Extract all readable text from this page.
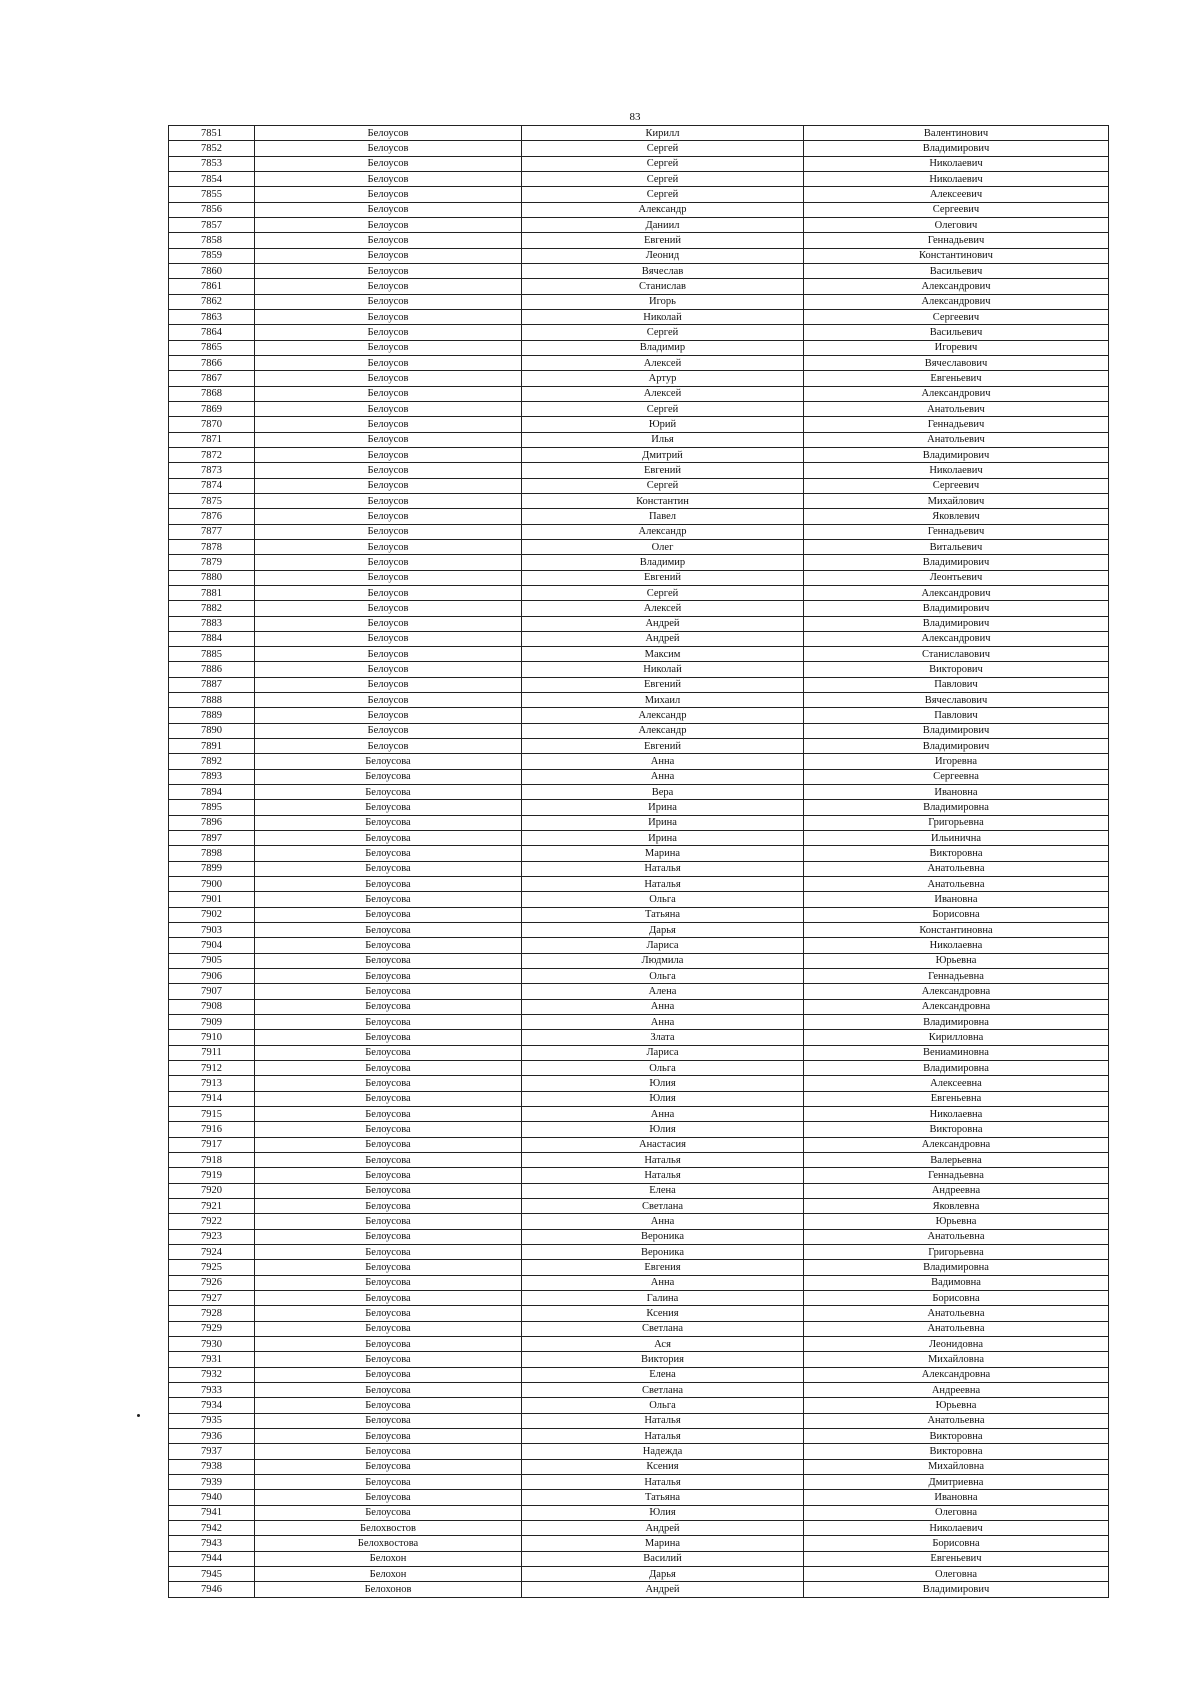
83
7851	Белоусов	Кирилл	Валентинович
7852	Белоусов	Сергей	Владимирович
7853	Белоусов	Сергей	Николаевич
7854	Белоусов	Сергей	Николаевич
7855	Белоусов	Сергей	Алексеевич
7856	Белоусов	Александр	Сергеевич
7857	Белоусов	Даниил	Олегович
7858	Белоусов	Евгений	Геннадьевич
7859	Белоусов	Леонид	Константинович
7860	Белоусов	Вячеслав	Васильевич
7861	Белоусов	Станислав	Александрович
7862	Белоусов	Игорь	Александрович
7863	Белоусов	Николай	Сергеевич
7864	Белоусов	Сергей	Васильевич
7865	Белоусов	Владимир	Игоревич
7866	Белоусов	Алексей	Вячеславович
7867	Белоусов	Артур	Евгеньевич
7868	Белоусов	Алексей	Александрович
7869	Белоусов	Сергей	Анатольевич
7870	Белоусов	Юрий	Геннадьевич
7871	Белоусов	Илья	Анатольевич
7872	Белоусов	Дмитрий	Владимирович
7873	Белоусов	Евгений	Николаевич
7874	Белоусов	Сергей	Сергеевич
7875	Белоусов	Константин	Михайлович
7876	Белоусов	Павел	Яковлевич
7877	Белоусов	Александр	Геннадьевич
7878	Белоусов	Олег	Витальевич
7879	Белоусов	Владимир	Владимирович
7880	Белоусов	Евгений	Леонтьевич
7881	Белоусов	Сергей	Александрович
7882	Белоусов	Алексей	Владимирович
7883	Белоусов	Андрей	Владимирович
7884	Белоусов	Андрей	Александрович
7885	Белоусов	Максим	Станиславович
7886	Белоусов	Николай	Викторович
7887	Белоусов	Евгений	Павлович
7888	Белоусов	Михаил	Вячеславович
7889	Белоусов	Александр	Павлович
7890	Белоусов	Александр	Владимирович
7891	Белоусов	Евгений	Владимирович
7892	Белоусова	Анна	Игоревна
7893	Белоусова	Анна	Сергеевна
7894	Белоусова	Вера	Ивановна
7895	Белоусова	Ирина	Владимировна
7896	Белоусова	Ирина	Григорьевна
7897	Белоусова	Ирина	Ильинична
7898	Белоусова	Марина	Викторовна
7899	Белоусова	Наталья	Анатольевна
7900	Белоусова	Наталья	Анатольевна
7901	Белоусова	Ольга	Ивановна
7902	Белоусова	Татьяна	Борисовна
7903	Белоусова	Дарья	Константиновна
7904	Белоусова	Лариса	Николаевна
7905	Белоусова	Людмила	Юрьевна
7906	Белоусова	Ольга	Геннадьевна
7907	Белоусова	Алена	Александровна
7908	Белоусова	Анна	Александровна
7909	Белоусова	Анна	Владимировна
7910	Белоусова	Злата	Кирилловна
7911	Белоусова	Лариса	Вениаминовна
7912	Белоусова	Ольга	Владимировна
7913	Белоусова	Юлия	Алексеевна
7914	Белоусова	Юлия	Евгеньевна
7915	Белоусова	Анна	Николаевна
7916	Белоусова	Юлия	Викторовна
7917	Белоусова	Анастасия	Александровна
7918	Белоусова	Наталья	Валерьевна
7919	Белоусова	Наталья	Геннадьевна
7920	Белоусова	Елена	Андреевна
7921	Белоусова	Светлана	Яковлевна
7922	Белоусова	Анна	Юрьевна
7923	Белоусова	Вероника	Анатольевна
7924	Белоусова	Вероника	Григорьевна
7925	Белоусова	Евгения	Владимировна
7926	Белоусова	Анна	Вадимовна
7927	Белоусова	Галина	Борисовна
7928	Белоусова	Ксения	Анатольевна
7929	Белоусова	Светлана	Анатольевна
7930	Белоусова	Ася	Леонидовна
7931	Белоусова	Виктория	Михайловна
7932	Белоусова	Елена	Александровна
7933	Белоусова	Светлана	Андреевна
7934	Белоусова	Ольга	Юрьевна
7935	Белоусова	Наталья	Анатольевна
7936	Белоусова	Наталья	Викторовна
7937	Белоусова	Надежда	Викторовна
7938	Белоусова	Ксения	Михайловна
7939	Белоусова	Наталья	Дмитриевна
7940	Белоусова	Татьяна	Ивановна
7941	Белоусова	Юлия	Олеговна
7942	Белохвостов	Андрей	Николаевич
7943	Белохвостова	Марина	Борисовна
7944	Белохон	Василий	Евгеньевич
7945	Белохон	Дарья	Олеговна
7946	Белохонов	Андрей	Владимирович
